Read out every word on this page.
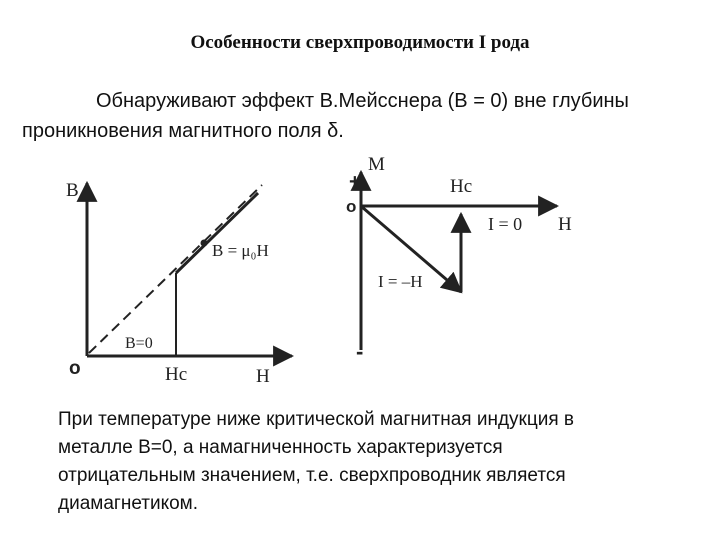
Особенности сверхпроводимости I рода
Обнаруживают эффект В.Мейсснера (В = 0) вне глубины
проникновения магнитного поля δ.
B
B = μ₀H
B=0
o	Hc	H
M
+
o
Hc
I = 0 H
I = –H
-
При температуре ниже критической магнитная индукция в
металле В=0, а намагниченность характеризуется
отрицательным значением, т.е. сверхпроводник является
диамагнетиком.
